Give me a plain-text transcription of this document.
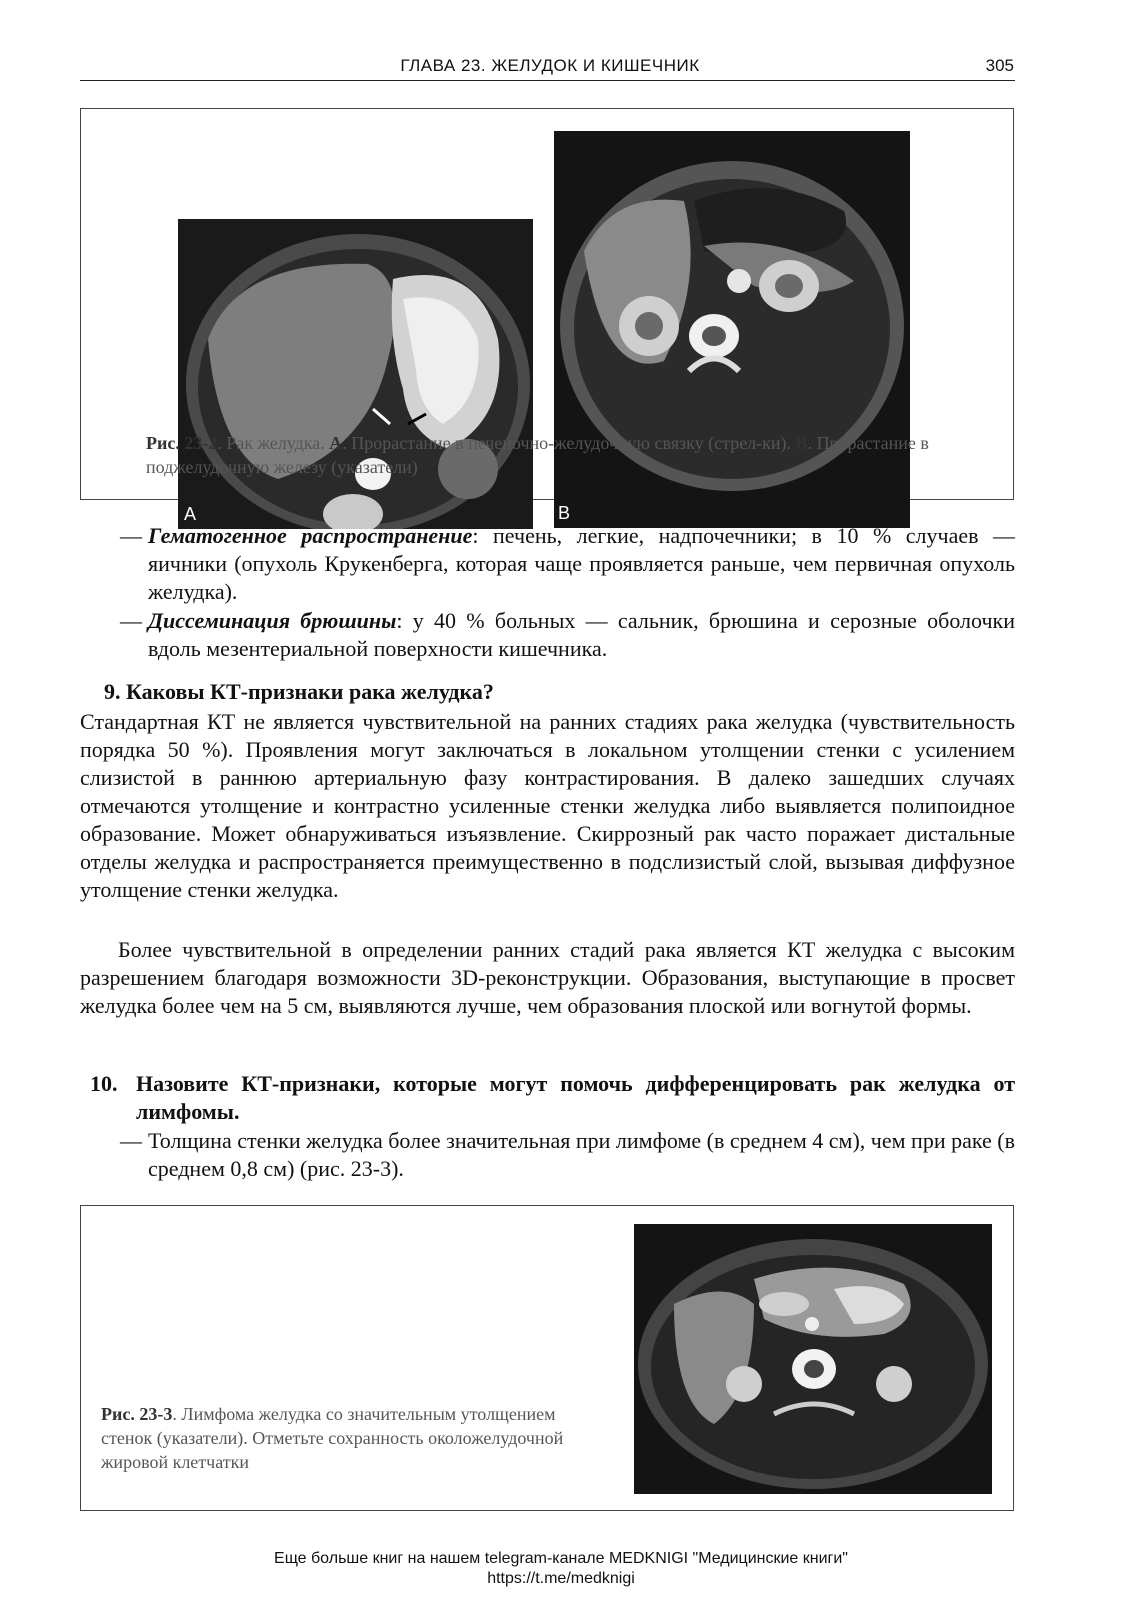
ГЛАВА 23. ЖЕЛУДОК И КИШЕЧНИК	305
A	B
Рис. 23-2. Рак желудка. А. Прорастание в печеночно-желудочную связку (стрел-ки). В. Прорастание в поджелудочную железу (указатели)
— Гематогенное распространение: печень, легкие, надпочечники; в 10 % случаев — яичники (опухоль Крукенберга, которая чаще проявляется раньше, чем первичная опухоль желудка).
— Диссеминация брюшины: у 40 % больных — сальник, брюшина и серозные оболочки вдоль мезентериальной поверхности кишечника.
9. Каковы КТ-признаки рака желудка?
Стандартная КТ не является чувствительной на ранних стадиях рака желудка (чувствительность порядка 50 %). Проявления могут заключаться в локальном утолщении стенки с усилением слизистой в раннюю артериальную фазу контрастирования. В далеко зашедших случаях отмечаются утолщение и контрастно усиленные стенки желудка либо выявляется полипоидное образование. Может обнаруживаться изъязвление. Скиррозный рак часто поражает дистальные отделы желудка и распространяется преимущественно в подслизистый слой, вызывая диффузное утолщение стенки желудка.
Более чувствительной в определении ранних стадий рака является КТ желудка с высоким разрешением благодаря возможности 3D-реконструкции. Образования, выступающие в просвет желудка более чем на 5 см, выявляются лучше, чем образования плоской или вогнутой формы.
10. Назовите КТ-признаки, которые могут помочь дифференцировать рак желудка от лимфомы.
— Толщина стенки желудка более значительная при лимфоме (в среднем 4 см), чем при раке (в среднем 0,8 см) (рис. 23-3).
Рис. 23-3. Лимфома желудка со значительным утолщением стенок (указатели). Отметьте сохранность околожелудочной жировой клетчатки
Еще больше книг на нашем telegram-канале MEDKNIGI "Медицинские книги"
https://t.me/medknigi
